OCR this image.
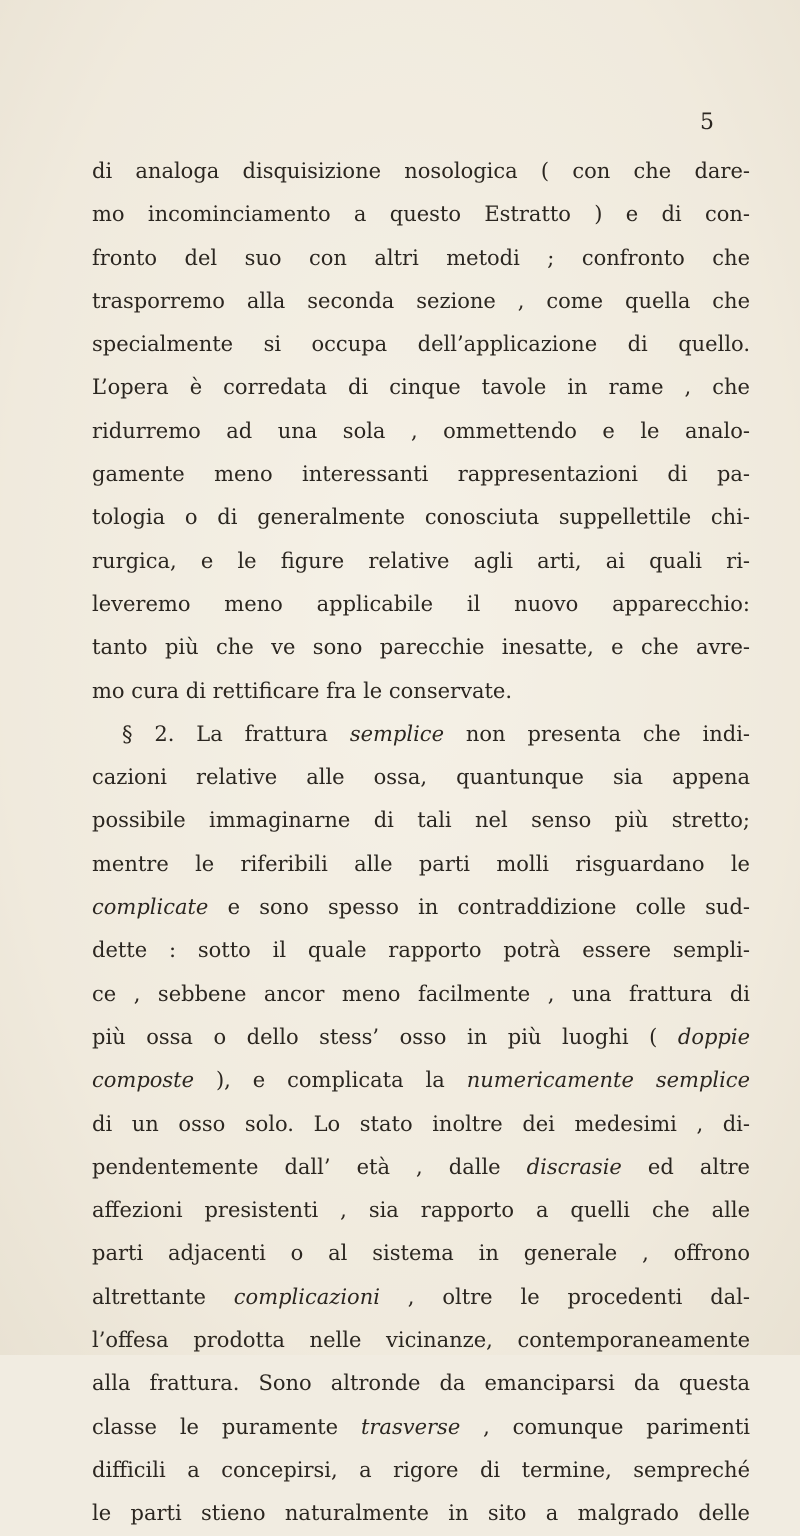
5
di analoga disquisizione nosologica ( con che dare-
mo incominciamento a questo Estratto ) e di con-
fronto del suo con altri metodi ; confronto che
trasporremo alla seconda sezione , come quella che
specialmente si occupa dell’applicazione di quello.
L’opera è corredata di cinque tavole in rame , che
ridurremo ad una sola , ommettendo e le analo-
gamente meno interessanti rappresentazioni di pa-
tologia o di generalmente conosciuta suppellettile chi-
rurgica, e le figure relative agli arti, ai quali ri-
leveremo meno applicabile il nuovo apparecchio:
tanto più che ve sono parecchie inesatte, e che avre-
mo cura di rettificare fra le conservate.
§ 2. La frattura semplice non presenta che indi-
cazioni relative alle ossa, quantunque sia appena
possibile immaginarne di tali nel senso più stretto;
mentre le riferibili alle parti molli risguardano le
complicate e sono spesso in contraddizione colle sud-
dette : sotto il quale rapporto potrà essere sempli-
ce , sebbene ancor meno facilmente , una frattura di
più ossa o dello stess’ osso in più luoghi ( doppie
composte ), e complicata la numericamente semplice
di un osso solo. Lo stato inoltre dei medesimi , di-
pendentemente dall’ età , dalle discrasie ed altre
affezioni presistenti , sia rapporto a quelli che alle
parti adjacenti o al sistema in generale , offrono
altrettante complicazioni , oltre le procedenti dal-
l’offesa prodotta nelle vicinanze, contemporaneamente
alla frattura. Sono altronde da emanciparsi da questa
classe le puramente trasverse , comunque parimenti
difficili a concepirsi, a rigore di termine, sempreché
le parti stieno naturalmente in sito a malgrado delle
